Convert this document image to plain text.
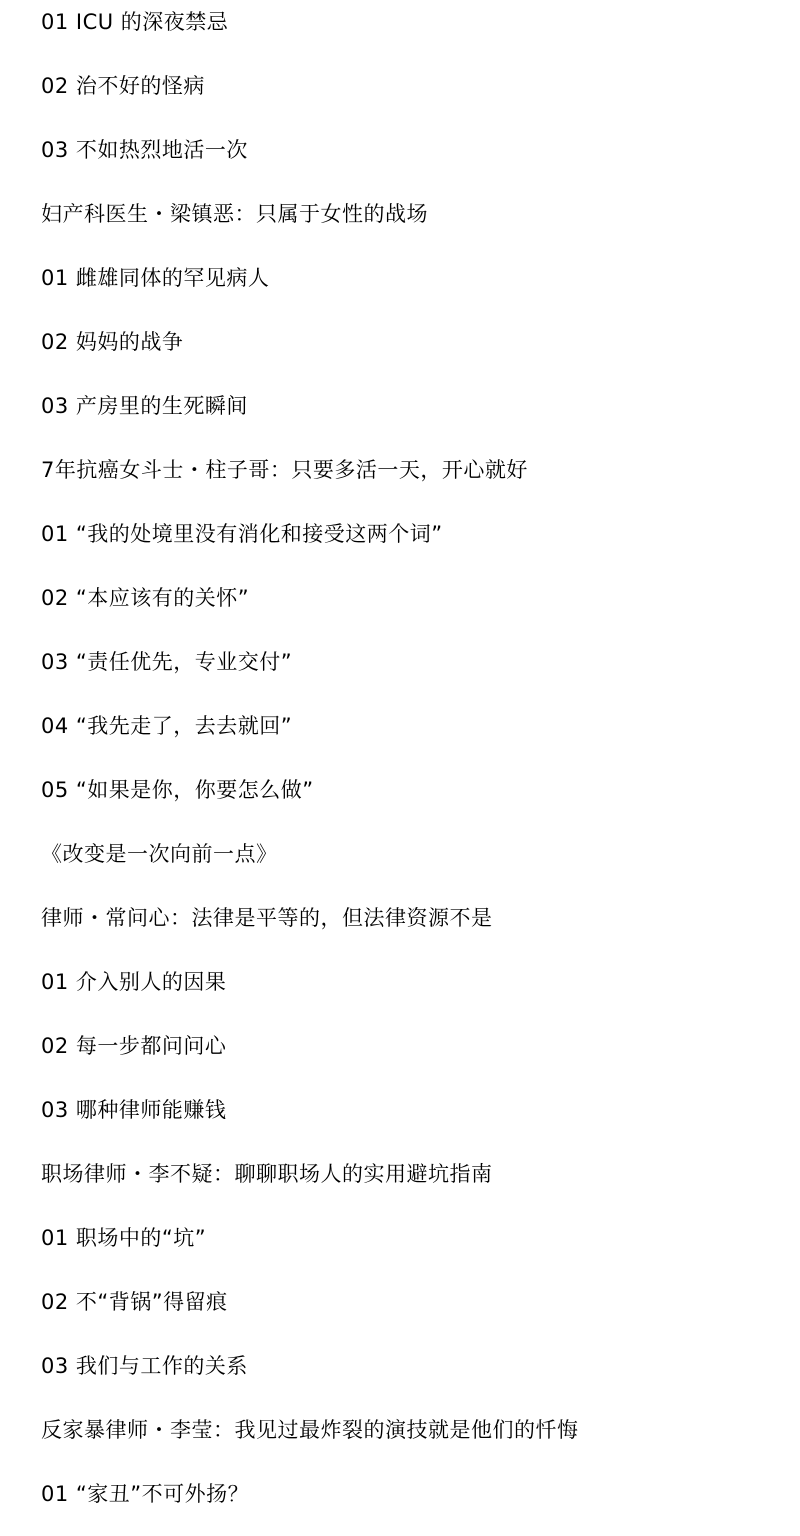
01 ICU 的深夜禁忌
02 治不好的怪病
03 不如热烈地活一次
妇产科医生・梁镇恶：只属于女性的战场
01 雌雄同体的罕见病人
02 妈妈的战争
03 产房里的生死瞬间
7年抗癌女斗士・柱子哥：只要多活一天，开心就好
01 “我的处境里没有消化和接受这两个词”
02 “本应该有的关怀”
03 “责任优先，专业交付”
04 “我先走了，去去就回”
05 “如果是你，你要怎么做”
《改变是一次向前一点》
律师・常问心：法律是平等的，但法律资源不是
01 介入别人的因果
02 每一步都问问心
03 哪种律师能赚钱
职场律师・李不疑：聊聊职场人的实用避坑指南
01 职场中的“坑”
02 不“背锅”得留痕
03 我们与工作的关系
反家暴律师・李莹：我见过最炸裂的演技就是他们的忏悔
01 “家丑”不可外扬？
